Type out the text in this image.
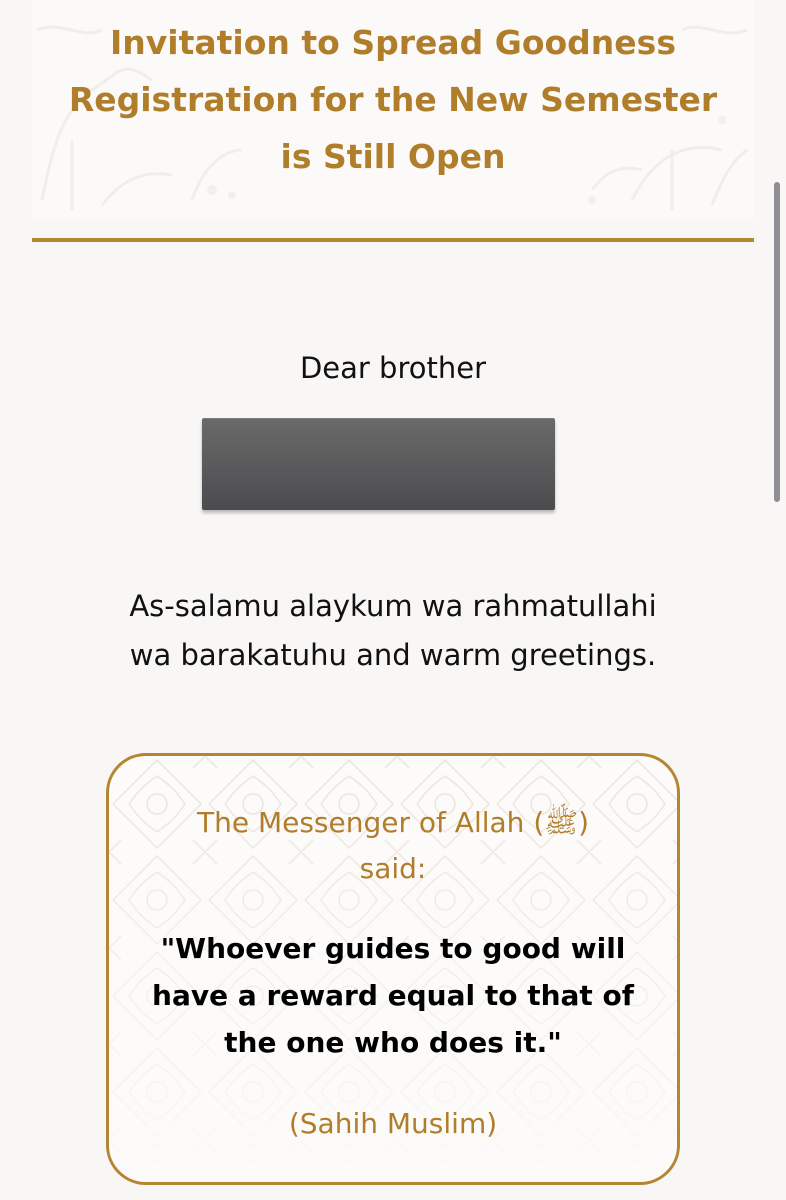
Invitation to Spread Goodness
Registration for the New Semester
is Still Open
Dear brother
As-salamu alaykum wa rahmatullahi
wa barakatuhu and warm greetings.
The Messenger of Allah (ﷺ)
said:
"Whoever guides to good will
have a reward equal to that of
the one who does it."
(Sahih Muslim)
